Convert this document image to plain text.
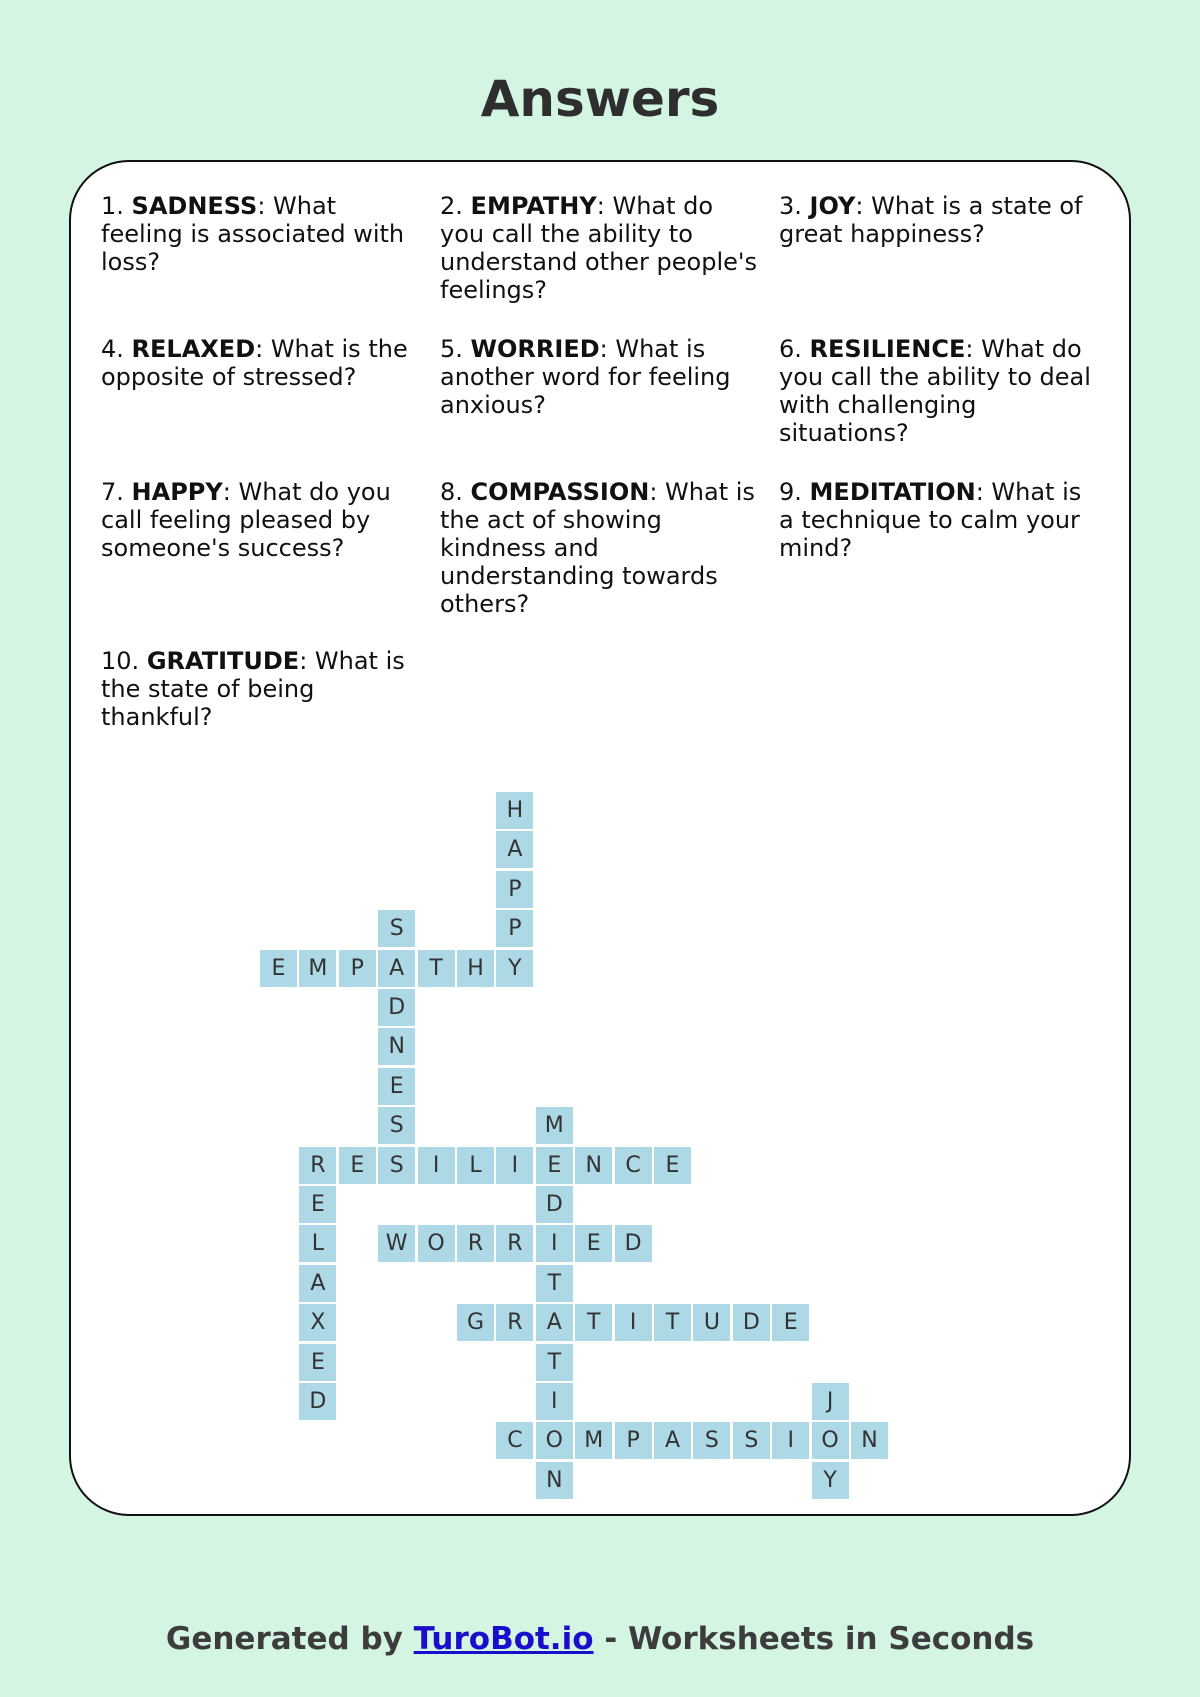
Answers
1. SADNESS: What feeling is associated with loss?
2. EMPATHY: What do you call the ability to understand other people's feelings?
3. JOY: What is a state of great happiness?
4. RELAXED: What is the opposite of stressed?
5. WORRIED: What is another word for feeling anxious?
6. RESILIENCE: What do you call the ability to deal with challenging situations?
7. HAPPY: What do you call feeling pleased by someone's success?
8. COMPASSION: What is the act of showing kindness and understanding towards others?
9. MEDITATION: What is a technique to calm your mind?
10. GRATITUDE: What is the state of being thankful?
H
A
P
P
Y
S
A
D
N
E
S
S
E	M	P	T	H
M
E
D
I
T
A
T
I
O
N
R	E	I	L	I	N	C	E
E
L
A
X
E
D
W O	R	R	E	D
G	R	T	I	T	U	D	E
J
O
Y
C	M	P	A	S	S	I	N
Generated by TuroBot.io - Worksheets in Seconds
